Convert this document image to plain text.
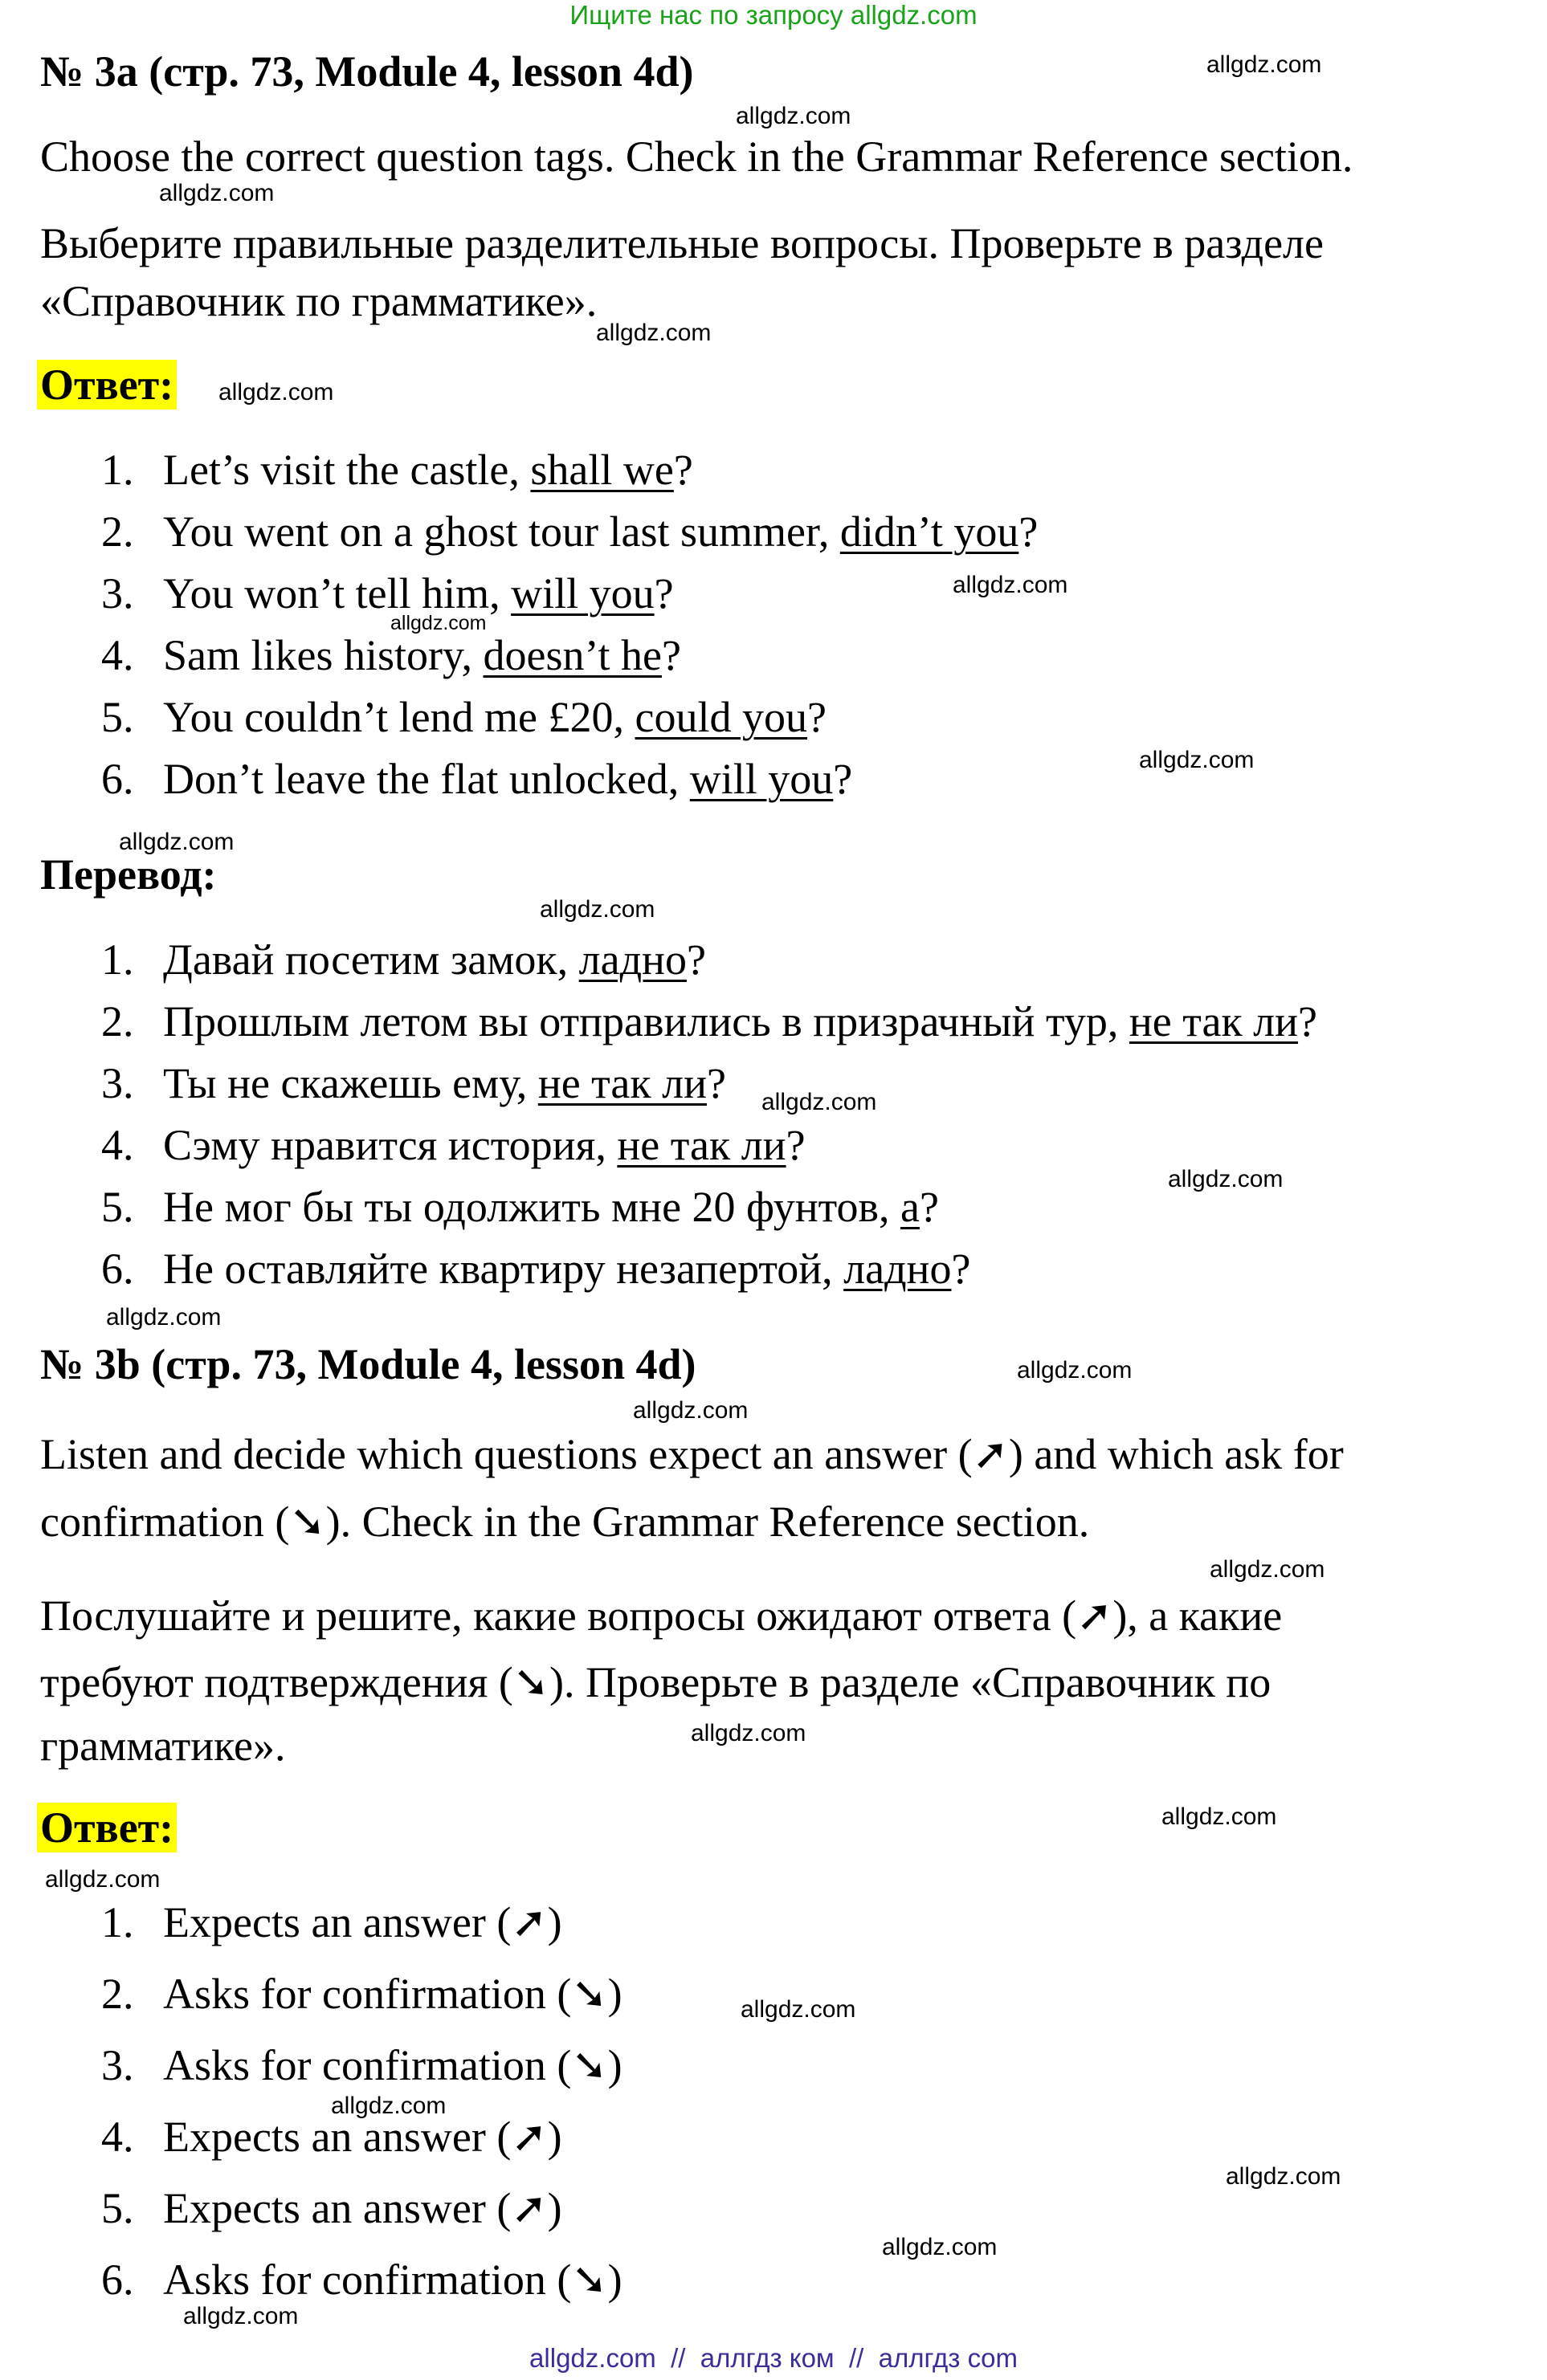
Ищите нас по запросу allgdz.com
№ 3a (стр. 73, Module 4, lesson 4d)
Choose the correct question tags. Check in the Grammar Reference section.
Выберите правильные разделительные вопросы. Проверьте в разделе
«Справочник по грамматике».
Ответ:
1. Let’s visit the castle, shall we?
2. You went on a ghost tour last summer, didn’t you?
3. You won’t tell him, will you?
4. Sam likes history, doesn’t he?
5. You couldn’t lend me £20, could you?
6. Don’t leave the flat unlocked, will you?
Перевод:
1. Давай посетим замок, ладно?
2. Прошлым летом вы отправились в призрачный тур, не так ли?
3. Ты не скажешь ему, не так ли?
4. Сэму нравится история, не так ли?
5. Не мог бы ты одолжить мне 20 фунтов, а?
6. Не оставляйте квартиру незапертой, ладно?
№ 3b (стр. 73, Module 4, lesson 4d)
Listen and decide which questions expect an answer (➚) and which ask for
confirmation (➘). Check in the Grammar Reference section.
Послушайте и решите, какие вопросы ожидают ответа (➚), а какие
требуют подтверждения (➘). Проверьте в разделе «Справочник по
грамматике».
Ответ:
1. Expects an answer (➚)
2. Asks for confirmation (➘)
3. Asks for confirmation (➘)
4. Expects an answer (➚)
5. Expects an answer (➚)
6. Asks for confirmation (➘)
allgdz.com
allgdz.com
allgdz.com
allgdz.com
allgdz.com
allgdz.com
allgdz.com
allgdz.com
allgdz.com
allgdz.com
allgdz.com
allgdz.com
allgdz.com
allgdz.com
allgdz.com
allgdz.com
allgdz.com
allgdz.com
allgdz.com
allgdz.com
allgdz.com
allgdz.com
allgdz.com
allgdz.com
allgdz.com  //  аллгдз ком  //  аллгдз com
